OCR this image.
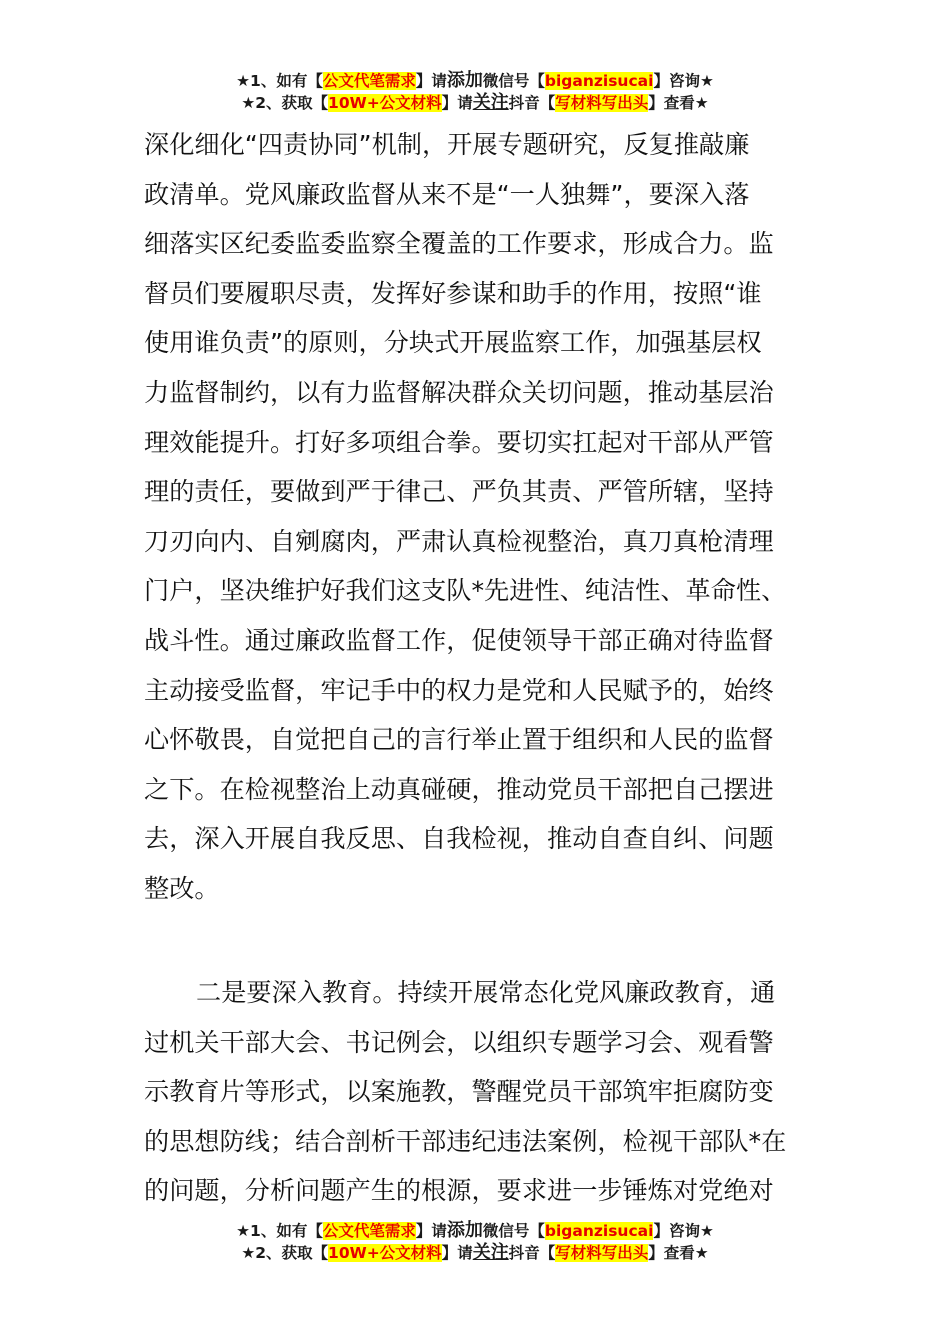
★1、如有【公文代笔需求】请添加微信号【biganzisucai】咨询★
★2、获取【10W+公文材料】请关注抖音【写材料写出头】查看★
深化细化“四责协同”机制，开展专题研究，反复推敲廉
政清单。党风廉政监督从来不是“一人独舞”，要深入落
细落实区纪委监委监察全覆盖的工作要求，形成合力。监
督员们要履职尽责，发挥好参谋和助手的作用，按照“谁
使用谁负责”的原则，分块式开展监察工作，加强基层权
力监督制约，以有力监督解决群众关切问题，推动基层治
理效能提升。打好多项组合拳。要切实扛起对干部从严管
理的责任，要做到严于律己、严负其责、严管所辖，坚持
刀刃向内、自剜腐肉，严肃认真检视整治，真刀真枪清理
门户，坚决维护好我们这支队*先进性、纯洁性、革命性、
战斗性。通过廉政监督工作，促使领导干部正确对待监督
主动接受监督，牢记手中的权力是党和人民赋予的，始终
心怀敬畏，自觉把自己的言行举止置于组织和人民的监督
之下。在检视整治上动真碰硬，推动党员干部把自己摆进
去，深入开展自我反思、自我检视，推动自查自纠、问题
整改。
二是要深入教育。持续开展常态化党风廉政教育，通
过机关干部大会、书记例会，以组织专题学习会、观看警
示教育片等形式，以案施教，警醒党员干部筑牢拒腐防变
的思想防线；结合剖析干部违纪违法案例，检视干部队*在
的问题，分析问题产生的根源，要求进一步锤炼对党绝对
★1、如有【公文代笔需求】请添加微信号【biganzisucai】咨询★
★2、获取【10W+公文材料】请关注抖音【写材料写出头】查看★
